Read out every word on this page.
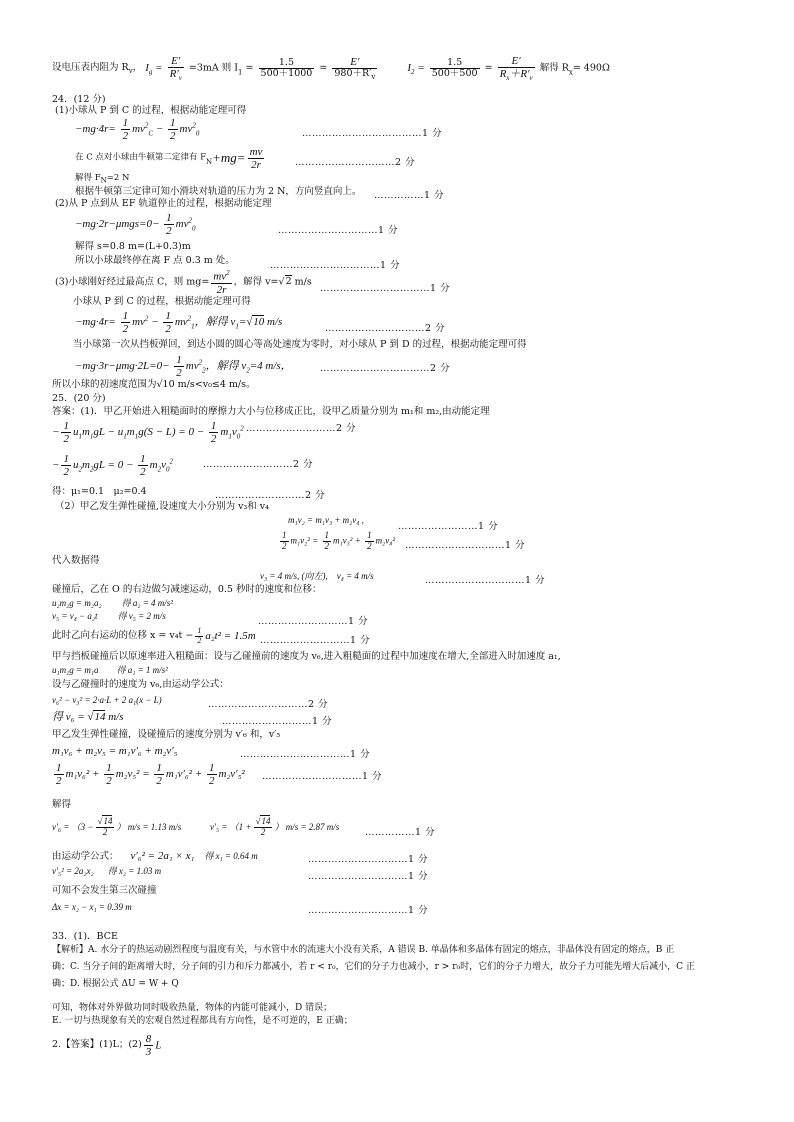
设电压表内阻为 $R_v$， $I_g = \frac{E'}{R'_v} =3mA$ 则 $I_1 = \frac{1.5}{500+1000} = \frac{E'}{980+R'_v}$	$I_2 = \frac{1.5}{500+500} = \frac{E'}{R_x+R'_v}$ 解得 $R_x= 490\Omega$
24．(12 分)
(1)小球从 P 到 C 的过程，根据动能定理可得
$-mg\cdot 4r= \frac{1}{2} mv^2_C - \frac{1}{2} mv^2_0$	………………………………1 分
在 C 点对小球由牛顿第二定律有 $F_N+mg= \frac{mv}{2r}$	…………………………2 分
解得 $F_N=2$ N
根据牛顿第三定律可知小滑块对轨道的压力为 2 N，方向竖直向上。 ……………1 分
(2)从 P 点到从 EF 轨道停止的过程，根据动能定理
$-mg\cdot 2r-\mu mgs=0- \frac{1}{2} mv^2_0$	…………………………1 分
解得 s=0.8 m=(L+0.3)m
所以小球最终停在离 F 点 0.3 m 处。	……………………………1 分
(3)小球刚好经过最高点 C，则 $mg= \frac{mv^2}{2r}$ ，解得 v=√2 m/s
……………………………1 分
小球从 P 到 C 的过程，根据动能定理可得
$-mg\cdot 4r= \frac{1}{2} mv^2 - \frac{1}{2} mv^2_1$，解得 $v_1=√10$ m/s
…………………………2 分
当小球第一次从挡板弹回，到达小圆的圆心等高处速度为零时，对小球从 P 到 D 的过程，根据动能定理可得
$-mg\cdot 3r-\mu mg\cdot 2L=0- \frac{1}{2} mv^2_2$，解得 $v_2=4$ m/s，	……………………………2 分
所以小球的初速度范围为√10 m/s<v₀≤4 m/s。
25．(20 分)
答案：(1)．甲乙开始进入粗糙面时的摩擦力大小与位移成正比，设甲乙质量分别为 m₁和 m₂,由动能定理
− $\frac{1}{2} u_1m_1gL - u_1m_1g(S - L) = 0 - \frac{1}{2} m_1v_0^2$ ………………………2 分
− $\frac{1}{2} u_2m_2gL = 0 - \frac{1}{2} m_2v_0^2$	………………………2 分
得：μ₁=0.1　μ₂=0.4	………………………2 分
（2）甲乙发生弹性碰撞,设速度大小分别为 v₃和 v₄
m₁v₂ = m₁v₃ + m₂v₄ ,
……………………1 分
$\frac{1}{2} m_1v_2^2 = \frac{1}{2} m_1v_3^2 + \frac{1}{2} m_2v_4^2$ …………………………1 分
代入数据得
v₃ = 4 m/s, (向左),　v₄ = 4 m/s	…………………………1 分
碰撞后，乙在 O 的右边做匀减速运动，0.5 秒时的速度和位移：
u₂m₂g = m₂a₂ 得 a₂ = 4 m/s²
v₅ = v₄ − a₂t 得 v₅ = 2 m/s	………………………1 分
此时乙向右运动的位移 $x = v_4t - \frac{1}{2} a_2t^2 = 1.5m$ ………………………1 分
甲与挡板碰撞后以原速率进入粗糙面：设与乙碰撞前的速度为 v₆,进入粗糙面的过程中加速度在增大,全部进入时加速度 a₁,
u₁m₁g = m₁a 得 a₁ = 1 m/s²
设与乙碰撞时的速度为 v₆,由运动学公式：
v₆² − v₃² = 2·a·L + 2 a₁(x − L)	…………………………2 分
得 v₆ = √14 m/s	………………………1 分
甲乙发生弹性碰撞，设碰撞后的速度分别为 v′₆ 和，v′₅
m₁v₆ + m₂v₅ = m₁v′₆ + m₂v′₅	……………………………1 分
$\frac{1}{2} m_1v_6^2 + \frac{1}{2} m_2v_5^2 = \frac{1}{2} m_1v'_6^2 + \frac{1}{2} m_2v'_5^2$ …………………………1 分
解得
$v'_6 = (3 - \frac{√14}{2}$ ） m/s = 1.13 m/s	$v'_5 = (1 + \frac{√14}{2}$ ） m/s = 2.87 m/s	……………1 分
由运动学公式： v′₆² = 2a₁ × x₁ 得 x₁ = 0.64 m	…………………………1 分
v′₅² = 2a₂x₂ 得 x₂ = 1.03 m	…………………………1 分
可知不会发生第三次碰撞
Δx = x₂ − x₁ = 0.39 m	…………………………1 分
33．(1)．BCE
【解析】A. 水分子的热运动剧烈程度与温度有关，与水管中水的流速大小没有关系，A 错误 B. 单晶体和多晶体有固定的熔点，非晶体没有固定的熔点，B 正
确；C. 当分子间的距离增大时，分子间的引力和斥力都减小，若 r < r₀，它们的分子力也减小，r > r₀时，它们的分子力增大，故分子力可能先增大后减小，C 正
确；D. 根据公式 ΔU = W + Q
可知，物体对外界做功同时吸收热量，物体的内能可能减小，D 错误；
E. 一切与热现象有关的宏观自然过程都具有方向性，是不可逆的，E 正确；
2.【答案】(1)L；$(2) \frac{8}{3}$ L
